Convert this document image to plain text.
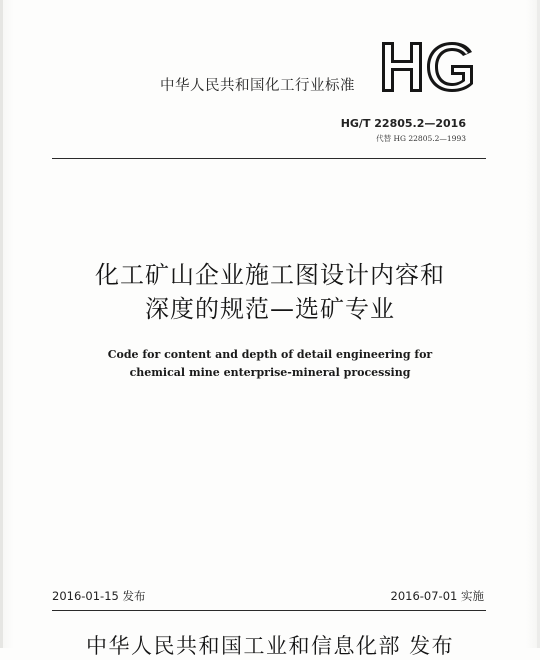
中华人民共和国化工行业标准
HG/T 22805.2—2016
代替 HG 22805.2—1993
化工矿山企业施工图设计内容和
深度的规范—选矿专业
Code for content and depth of detail engineering for
chemical mine enterprise-mineral processing
2016-01-15 发布	2016-07-01 实施
中华人民共和国工业和信息化部 发布
